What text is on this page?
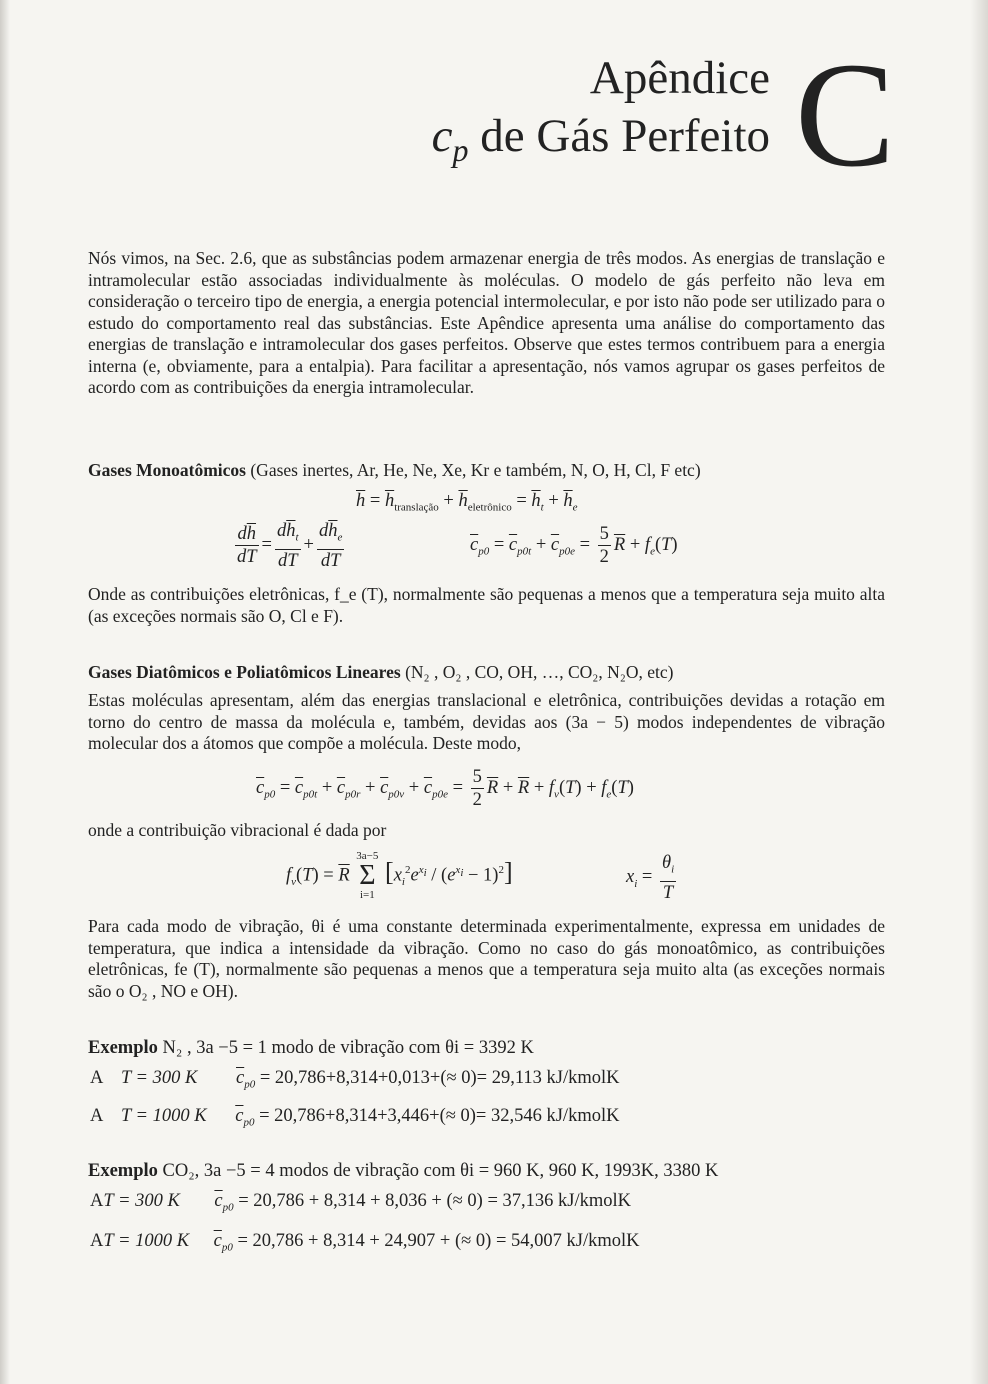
Apêndice
$c_p$ de Gás Perfeito C
Nós vimos, na Sec. 2.6, que as substâncias podem armazenar energia de três modos. As energias de translação e intramolecular estão associadas individualmente às moléculas. O modelo de gás perfeito não leva em consideração o terceiro tipo de energia, a energia potencial intermolecular, e por isto não pode ser utilizado para o estudo do comportamento real das substâncias. Este Apêndice apresenta uma análise do comportamento das energias de translação e intramolecular dos gases perfeitos. Observe que estes termos contribuem para a energia interna (e, obviamente, para a entalpia). Para facilitar a apresentação, nós vamos agrupar os gases perfeitos de acordo com as contribuições da energia intramolecular.
Gases Monoatômicos (Gases inertes, Ar, He, Ne, Xe, Kr e também, N, O, H, Cl, F etc)
$\overline{h} = \overline{h}_{translação} + \overline{h}_{eletrônico} = \overline{h}_t + \overline{h}_e$
$\frac{d\overline{h}}{dT} = \frac{d\overline{h}_t}{dT} + \frac{d\overline{h}_e}{dT}$	$\overline{c}_{p0} = \overline{c}_{p0t} + \overline{c}_{p0e} = \frac{5}{2} \overline{R} + f_e(T)$
Onde as contribuições eletrônicas, f_e (T), normalmente são pequenas a menos que a temperatura seja muito alta (as exceções normais são O, Cl e F).
Gases Diatômicos e Poliatômicos Lineares (N₂ , O₂ , CO, OH, …, CO₂, N₂O, etc)
Estas moléculas apresentam, além das energias translacional e eletrônica, contribuições devidas a rotação em torno do centro de massa da molécula e, também, devidas aos (3a − 5) modos independentes de vibração molecular dos a átomos que compõe a molécula. Deste modo,
$\overline{c}_{p0} = \overline{c}_{p0t} + \overline{c}_{p0r} + \overline{c}_{p0v} + \overline{c}_{p0e} = \frac{5}{2} \overline{R} + \overline{R} + f_v(T) + f_e(T)$
onde a contribuição vibracional é dada por
$f_v(T) = \overline{R}$
3a−5
Σ
i=1
$[x_i^2e^{x_i} / (e^{x_i} - 1)^2]$	$x_i = \frac{\theta_i}{T}$
Para cada modo de vibração, θi é uma constante determinada experimentalmente, expressa em unidades de temperatura, que indica a intensidade da vibração. Como no caso do gás monoatômico, as contribuições eletrônicas, fe (T), normalmente são pequenas a menos que a temperatura seja muito alta (as exceções normais são o O₂ , NO e OH).
Exemplo N₂ , 3a −5 = 1 modo de vibração com θi = 3392 K
A T = 300 K $\overline{c}_{p0} = 20,786+8,314+0,013+(\approx 0)= 29,113$ kJ/kmolK
A T = 1000 K $\overline{c}_{p0} = 20,786+8,314+3,446+(\approx 0)= 32,546$ kJ/kmolK
Exemplo CO₂, 3a −5 = 4 modos de vibração com θi = 960 K, 960 K, 1993K, 3380 K
AT = 300 K $\overline{c}_{p0} = 20,786 + 8,314 + 8,036$ + (≈ 0) = 37,136 kJ/kmolK
AT = 1000 K $\overline{c}_{p0} = 20,786 + 8,314 + 24,907$ + (≈ 0) = 54,007 kJ/kmolK
